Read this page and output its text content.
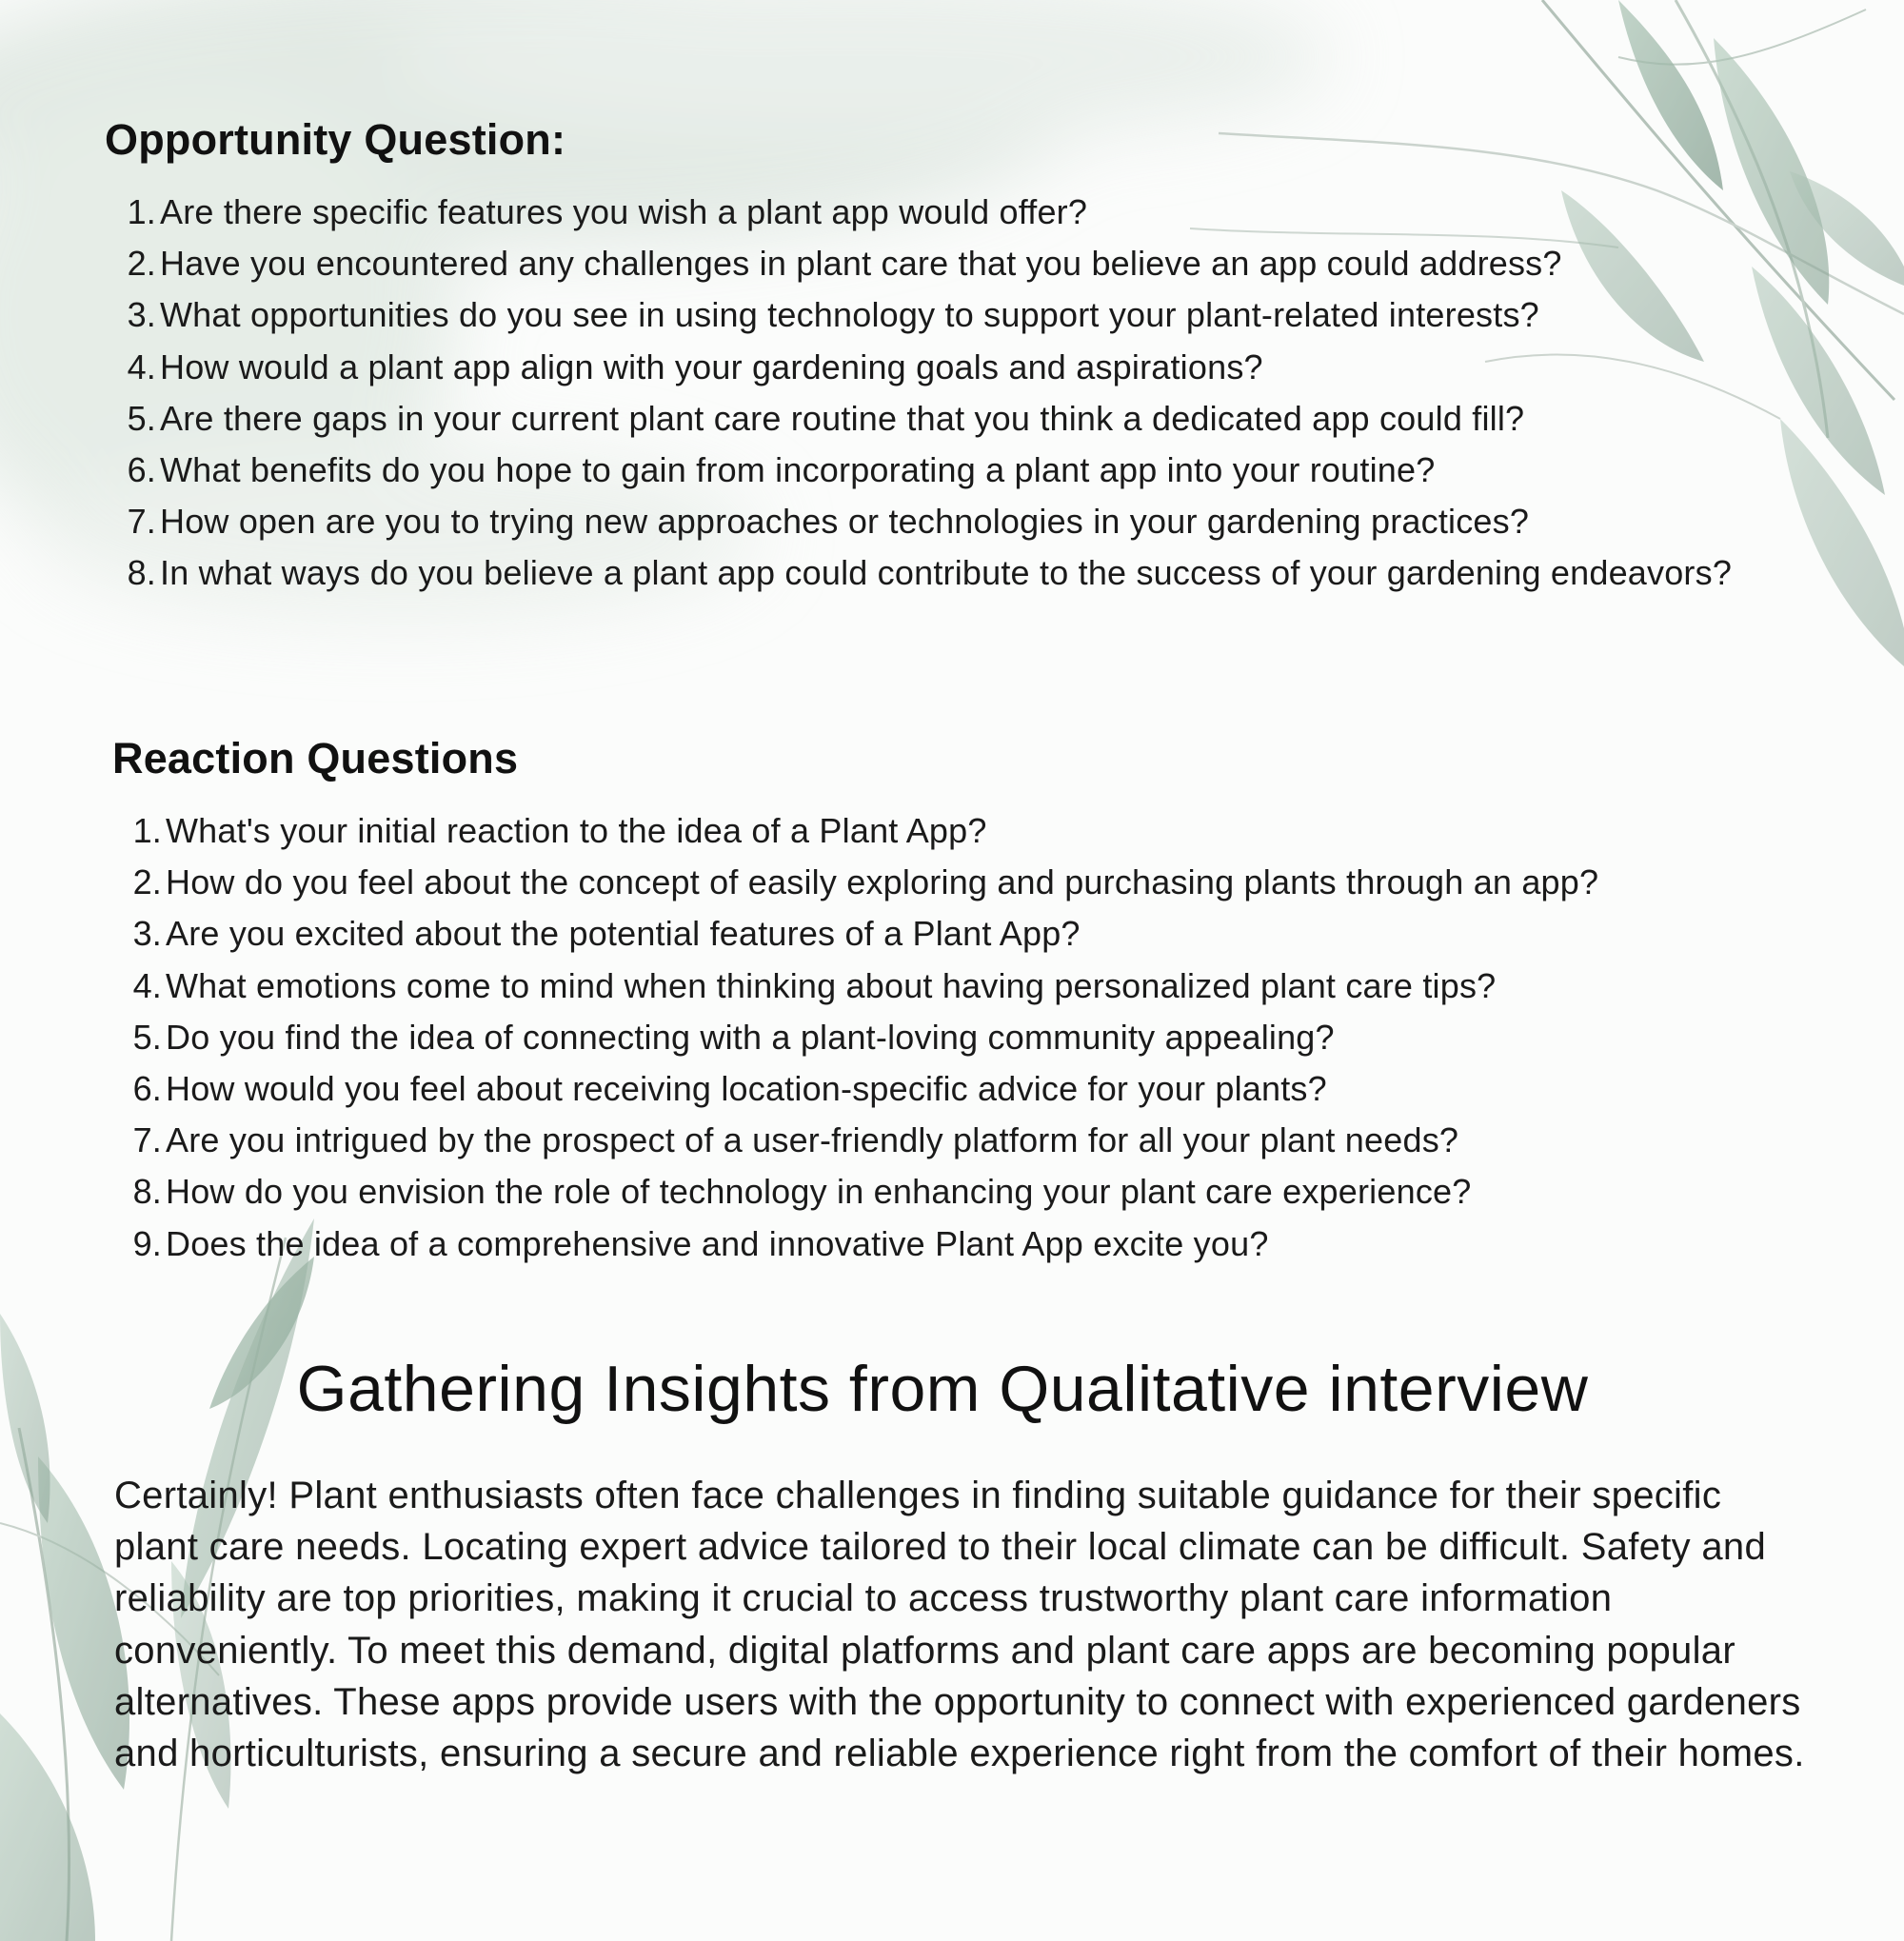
Opportunity Question:
1 . Are there specific features you wish a plant app would offer?
2 . Have you encountered any challenges in plant care that you believe an app could address?
3 . What opportunities do you see in using technology to support your plant-related interests?
4 . How would a plant app align with your gardening goals and aspirations?
5 . Are there gaps in your current plant care routine that you think a dedicated app could fill?
6 . What benefits do you hope to gain from incorporating a plant app into your routine?
7 . How open are you to trying new approaches or technologies in your gardening practices?
8 . In what ways do you believe a plant app could contribute to the success of your gardening endeavors?
Reaction Questions
1 . What's your initial reaction to the idea of a Plant App?
2 . How do you feel about the concept of easily exploring and purchasing plants through an app?
3 . Are you excited about the potential features of a Plant App?
4 . What emotions come to mind when thinking about having personalized plant care tips?
5 . Do you find the idea of connecting with a plant-loving community appealing?
6 . How would you feel about receiving location-specific advice for your plants?
7 . Are you intrigued by the prospect of a user-friendly platform for all your plant needs?
8 . How do you envision the role of technology in enhancing your plant care experience?
9 . Does the idea of a comprehensive and innovative Plant App excite you?
Gathering Insights from Qualitative interview

Certainly! Plant enthusiasts often face challenges in finding suitable guidance for their specific plant care needs. Locating expert advice tailored to their local climate can be difficult. Safety and reliability are top priorities, making it crucial to access trustworthy plant care information conveniently. To meet this demand, digital platforms and plant care apps are becoming popular alternatives. These apps provide users with the opportunity to connect with experienced gardeners and horticulturists, ensuring a secure and reliable experience right from the comfort of their homes.
